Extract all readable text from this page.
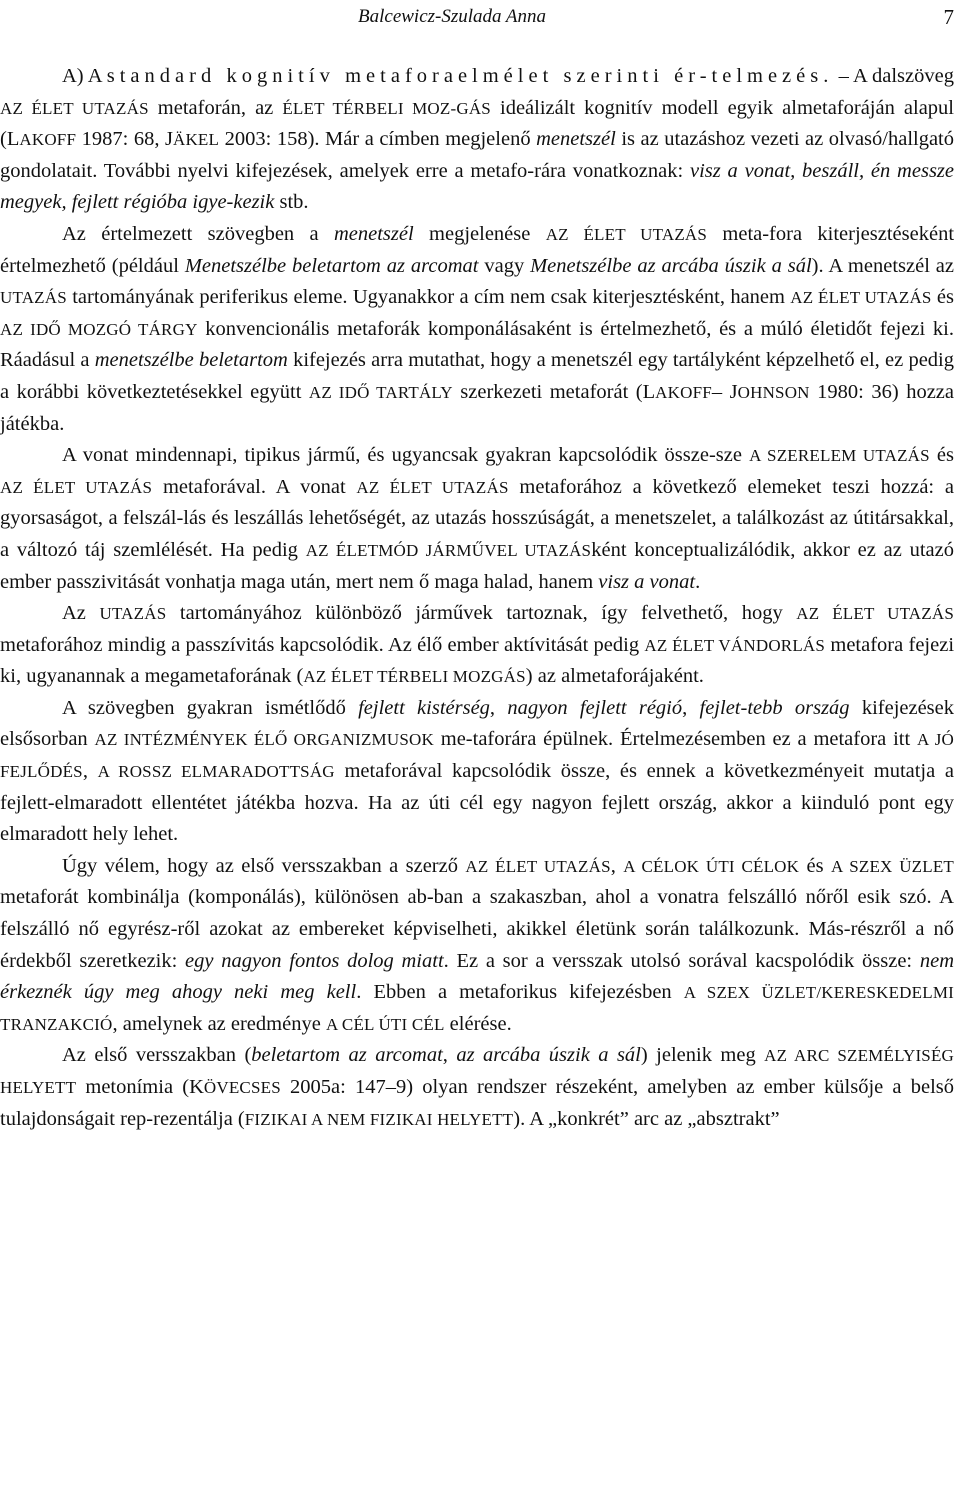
Balcewicz-Szulada Anna	7

A) A standard kognitív metaforaelmélet szerinti ér-telmezés. – A dalszöveg AZ ÉLET UTAZÁS metaforán, az ÉLET TÉRBELI MOZ-GÁS ideálizált kognitív modell egyik almetaforáján alapul (LAKOFF 1987: 68, JÄKEL 2003: 158). Már a címben megjelenő menetszél is az utazáshoz vezeti az olvasó/hallgató gondolatait. További nyelvi kifejezések, amelyek erre a metafo-rára vonatkoznak: visz a vonat, beszáll, én messze megyek, fejlett régióba igye-kezik stb.

Az értelmezett szövegben a menetszél megjelenése AZ ÉLET UTAZÁS meta-fora kiterjesztéseként értelmezhető (például Menetszélbe beletartom az arcomat vagy Menetszélbe az arcába úszik a sál). A menetszél az UTAZÁS tartományának periferikus eleme. Ugyanakkor a cím nem csak kiterjesztésként, hanem AZ ÉLET UTAZÁS és AZ IDŐ MOZGÓ TÁRGY konvencionális metaforák komponálásaként is értelmezhető, és a múló életidőt fejezi ki. Ráadásul a menetszélbe beletartom kifejezés arra mutathat, hogy a menetszél egy tartályként képzelhető el, ez pedig a korábbi következtetésekkel együtt AZ IDŐ TARTÁLY szerkezeti metaforát (LAKOFF– JOHNSON 1980: 36) hozza játékba.

A vonat mindennapi, tipikus jármű, és ugyancsak gyakran kapcsolódik össze-sze A SZERELEM UTAZÁS és AZ ÉLET UTAZÁS metaforával. A vonat AZ ÉLET UTAZÁS metaforához a következő elemeket teszi hozzá: a gyorsaságot, a felszál-lás és leszállás lehetőségét, az utazás hosszúságát, a menetszelet, a találkozást az útitársakkal, a változó táj szemlélését. Ha pedig AZ ÉLETMÓD JÁRMŰVEL UTAZÁSként konceptualizálódik, akkor ez az utazó ember passzivitását vonhatja maga után, mert nem ő maga halad, hanem visz a vonat.

Az UTAZÁS tartományához különböző járművek tartoznak, így felvethető, hogy AZ ÉLET UTAZÁS metaforához mindig a passzívitás kapcsolódik. Az élő ember aktívitását pedig AZ ÉLET VÁNDORLÁS metafora fejezi ki, ugyanannak a megametaforának (AZ ÉLET TÉRBELI MOZGÁS) az almetaforájaként.

A szövegben gyakran ismétlődő fejlett kistérség, nagyon fejlett régió, fejlet-tebb ország kifejezések elsősorban AZ INTÉZMÉNYEK ÉLŐ ORGANIZMUSOK me-taforára épülnek. Értelmezésemben ez a metafora itt A JÓ FEJLŐDÉS, A ROSSZ ELMARADOTTSÁG metaforával kapcsolódik össze, és ennek a következményeit mutatja a fejlett-elmaradott ellentétet játékba hozva. Ha az úti cél egy nagyon fejlett ország, akkor a kiinduló pont egy elmaradott hely lehet.

Úgy vélem, hogy az első versszakban a szerző AZ ÉLET UTAZÁS, A CÉLOK ÚTI CÉLOK és A SZEX ÜZLET metaforát kombinálja (komponálás), különösen ab-ban a szakaszban, ahol a vonatra felszálló nőről esik szó. A felszálló nő egyrész-ről azokat az embereket képviselheti, akikkel életünk során találkozunk. Más-részről a nő érdekből szeretkezik: egy nagyon fontos dolog miatt. Ez a sor a versszak utolsó sorával kacspolódik össze: nem érkeznék úgy meg ahogy neki meg kell. Ebben a metaforikus kifejezésben A SZEX ÜZLET/KERESKEDELMI TRANZAKCIÓ, amelynek az eredménye A CÉL ÚTI CÉL elérése.

Az első versszakban (beletartom az arcomat, az arcába úszik a sál) jelenik meg AZ ARC SZEMÉLYISÉG HELYETT metonímia (KÖVECSES 2005a: 147–9) olyan rendszer részeként, amelyben az ember külsője a belső tulajdonságait rep-rezentálja (FIZIKAI A NEM FIZIKAI HELYETT). A „konkrét” arc az „absztrakt”
